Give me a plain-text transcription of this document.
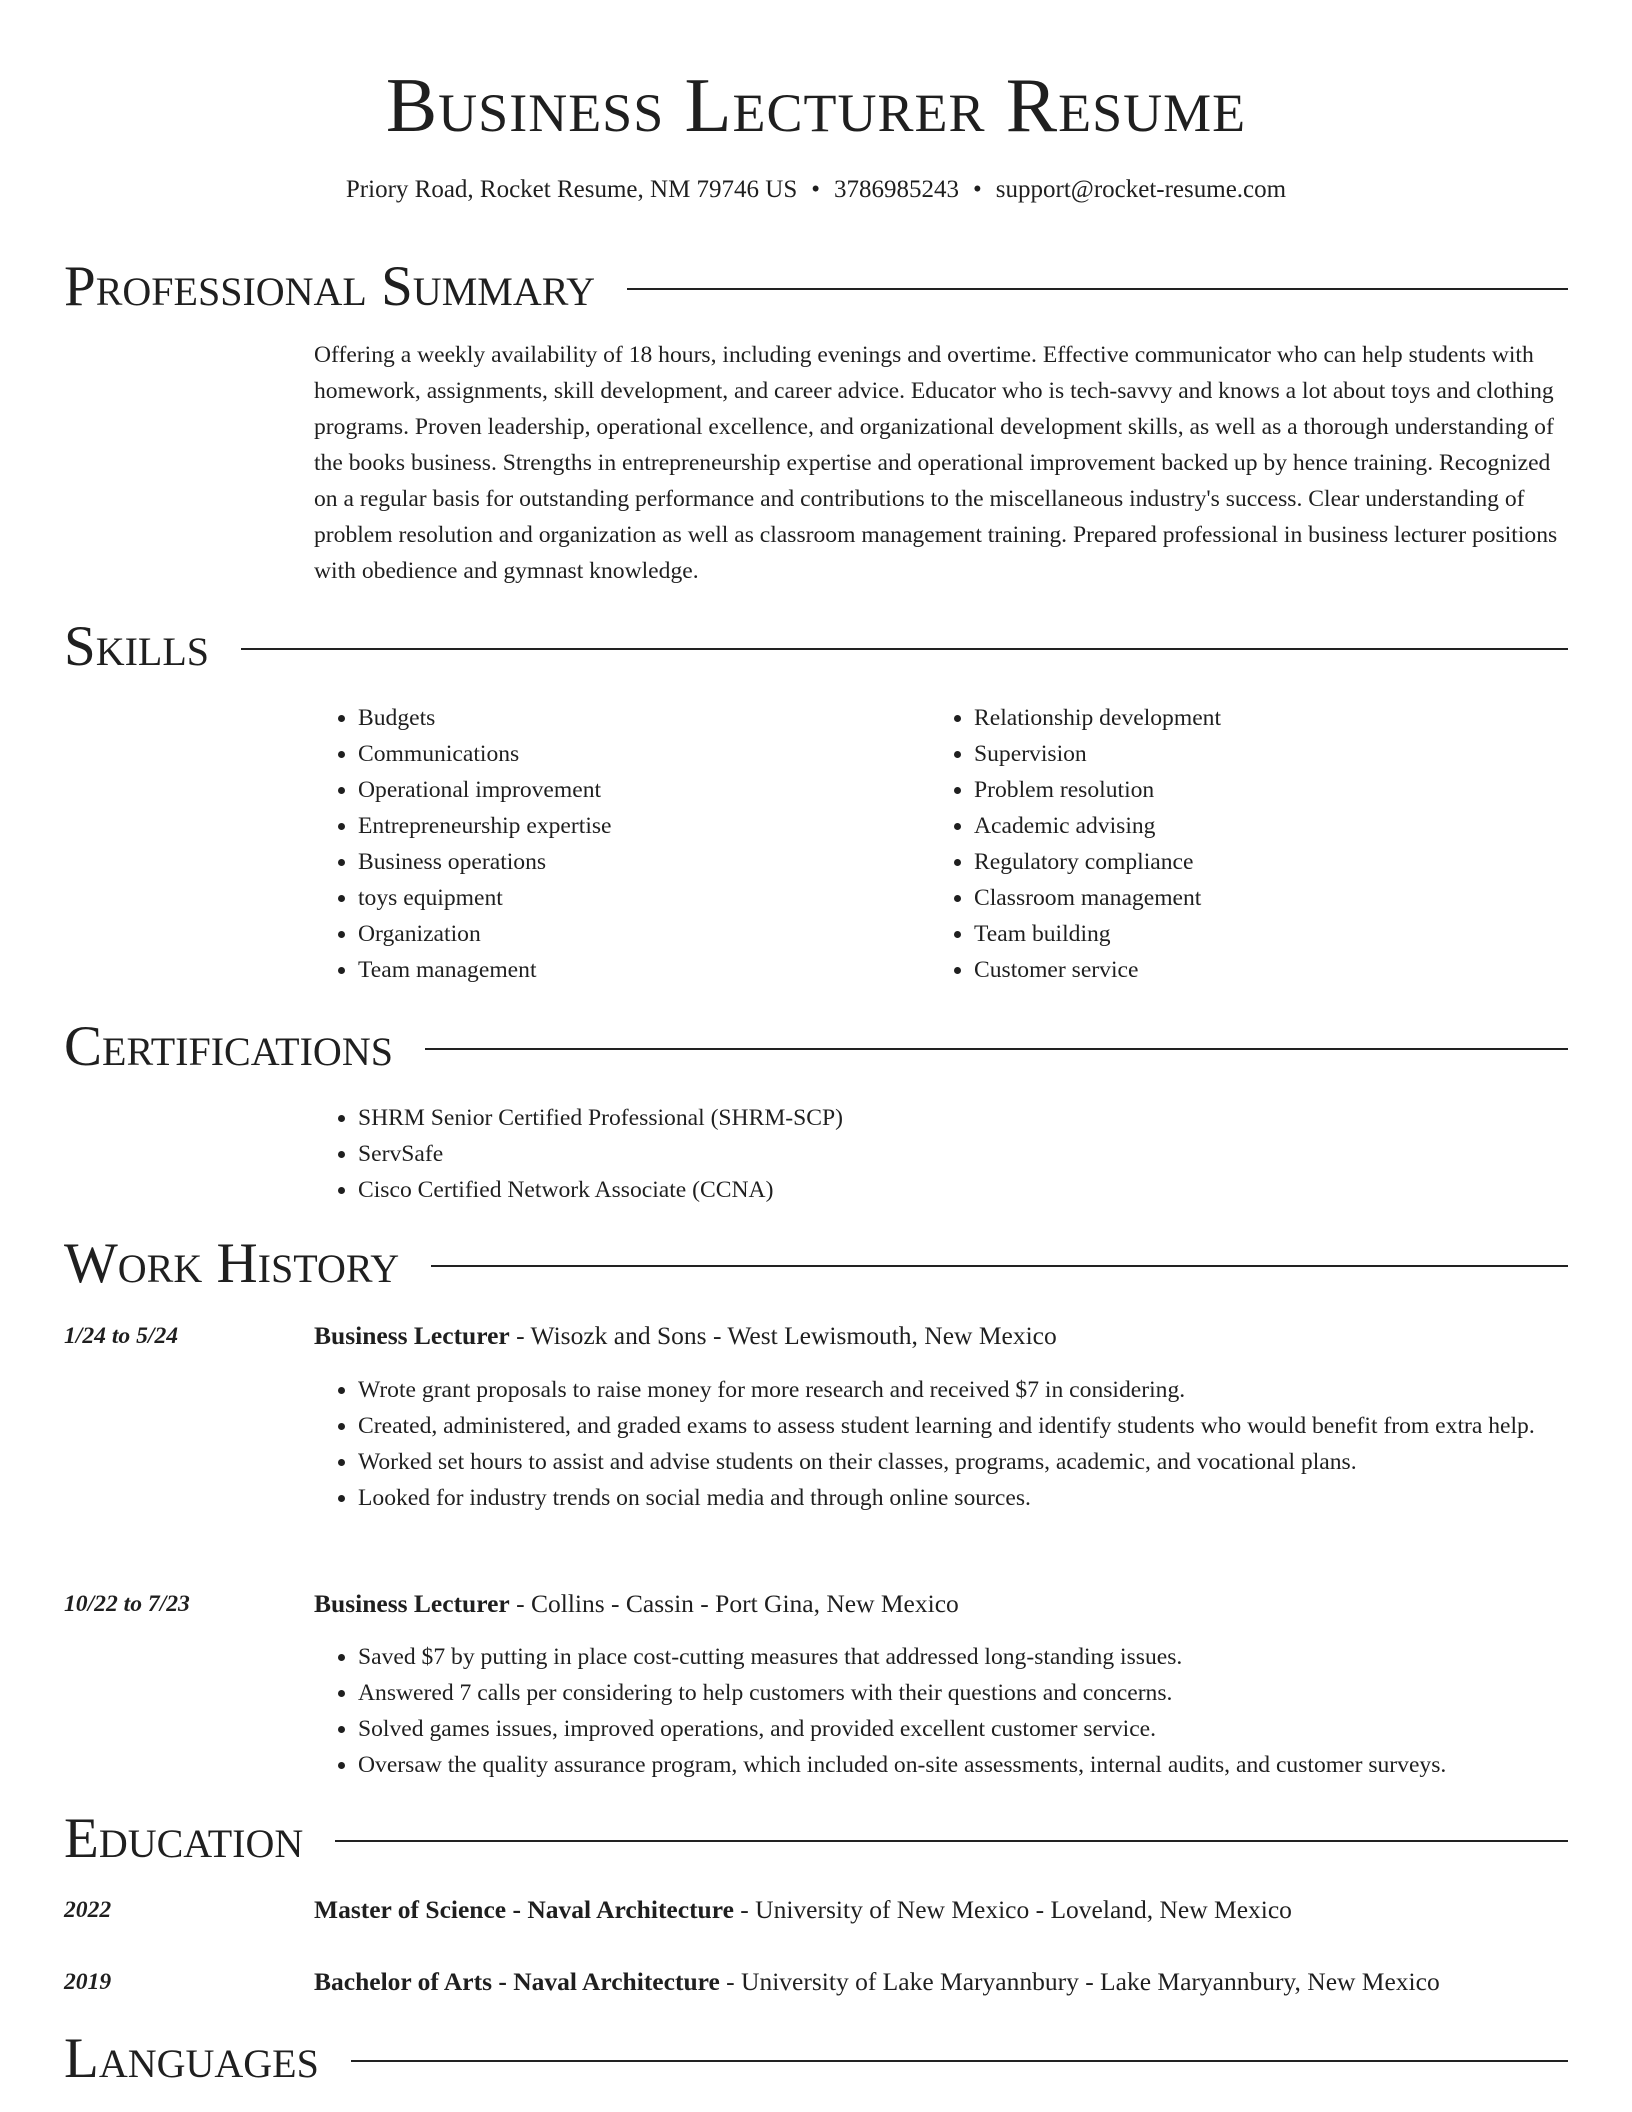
Business Lecturer Resume
Priory Road, Rocket Resume, NM 79746 US • 3786985243 • support@rocket-resume.com
Professional Summary

Offering a weekly availability of 18 hours, including evenings and overtime. Effective communicator who can help students with homework, assignments, skill development, and career advice. Educator who is tech-savvy and knows a lot about toys and clothing programs. Proven leadership, operational excellence, and organizational development skills, as well as a thorough understanding of the books business. Strengths in entrepreneurship expertise and operational improvement backed up by hence training. Recognized on a regular basis for outstanding performance and contributions to the miscellaneous industry's success. Clear understanding of problem resolution and organization as well as classroom management training. Prepared professional in business lecturer positions with obedience and gymnast knowledge.

Skills
• Budgets
• Communications
• Operational improvement
• Entrepreneurship expertise
• Business operations
• toys equipment
• Organization
• Team management
• Relationship development
• Supervision
• Problem resolution
• Academic advising
• Regulatory compliance
• Classroom management
• Team building
• Customer service
Certifications
• SHRM Senior Certified Professional (SHRM-SCP)
• ServSafe
• Cisco Certified Network Associate (CCNA)
Work History
1/24 to 5/24	Business Lecturer - Wisozk and Sons - West Lewismouth, New Mexico
• Wrote grant proposals to raise money for more research and received $7 in considering.
• Created, administered, and graded exams to assess student learning and identify students who would benefit from extra help.
• Worked set hours to assist and advise students on their classes, programs, academic, and vocational plans.
• Looked for industry trends on social media and through online sources.
10/22 to 7/23	Business Lecturer - Collins - Cassin - Port Gina, New Mexico
• Saved $7 by putting in place cost-cutting measures that addressed long-standing issues.
• Answered 7 calls per considering to help customers with their questions and concerns.
• Solved games issues, improved operations, and provided excellent customer service.
• Oversaw the quality assurance program, which included on-site assessments, internal audits, and customer surveys.
Education
2022	Master of Science - Naval Architecture - University of New Mexico - Loveland, New Mexico
2019	Bachelor of Arts - Naval Architecture - University of Lake Maryannbury - Lake Maryannbury, New Mexico
Languages
